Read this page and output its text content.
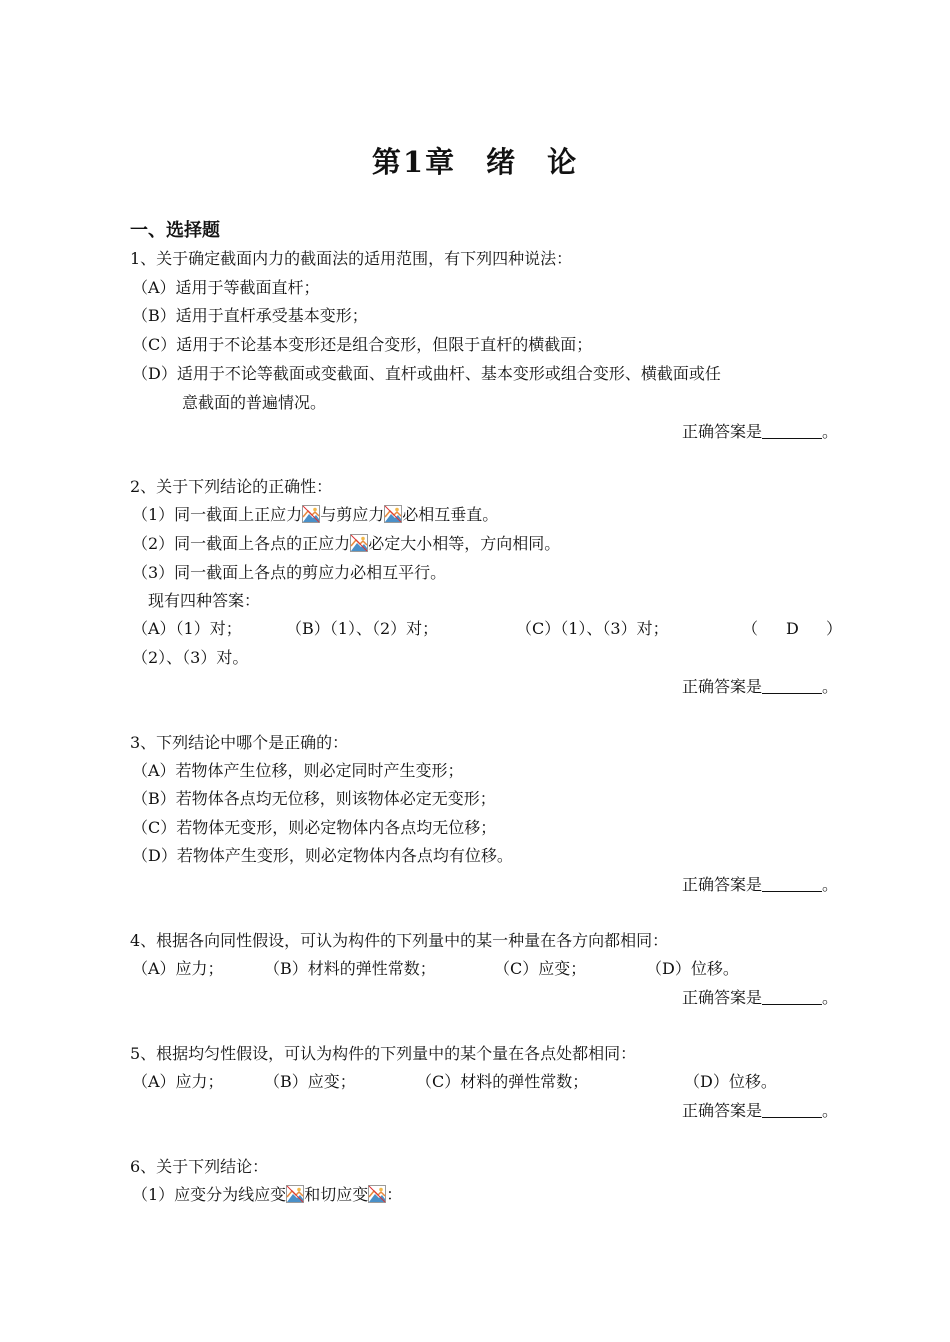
第1章 绪 论
一、选择题
1、关于确定截面内力的截面法的适用范围，有下列四种说法：
（A）适用于等截面直杆；
（B）适用于直杆承受基本变形；
（C）适用于不论基本变形还是组合变形，但限于直杆的横截面；
（D）适用于不论等截面或变截面、直杆或曲杆、基本变形或组合变形、横截面或任
意截面的普遍情况。
正确答案是	。
2、关于下列结论的正确性：
（1）同一截面上正应力 与剪应力 必相互垂直。
（2）同一截面上各点的正应力 必定大小相等，方向相同。
（3）同一截面上各点的剪应力必相互平行。
现有四种答案：
（A）（1）对；	（B）（1）、（2）对；	（C）（1）、（3）对；	（ D ）
（2）、（3）对。
正确答案是	。
3、下列结论中哪个是正确的：
（A）若物体产生位移，则必定同时产生变形；
（B）若物体各点均无位移，则该物体必定无变形；
（C）若物体无变形，则必定物体内各点均无位移；
（D）若物体产生变形，则必定物体内各点均有位移。
正确答案是	。
4、根据各向同性假设，可认为构件的下列量中的某一种量在各方向都相同：
（A）应力；	（B）材料的弹性常数；	（C）应变；	（D）位移。
正确答案是	。
5、根据均匀性假设，可认为构件的下列量中的某个量在各点处都相同：
（A）应力；	（B）应变；	（C）材料的弹性常数；	（D）位移。
正确答案是	。
6、关于下列结论：
（1）应变分为线应变 和切应变 ：
